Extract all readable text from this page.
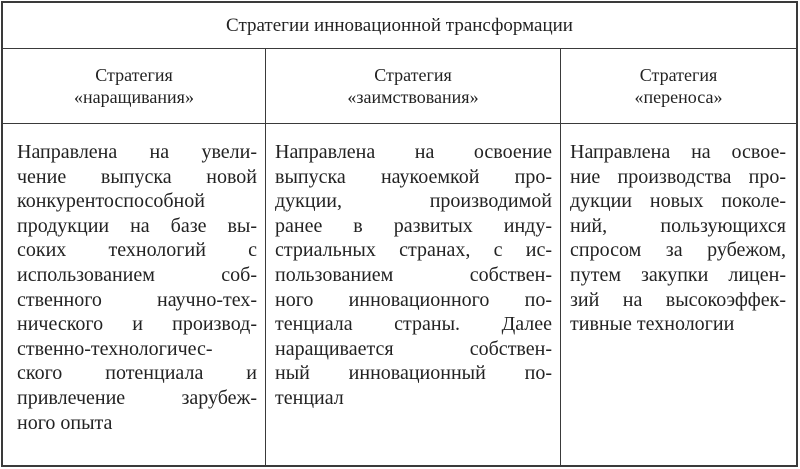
Стратегии инновационной трансформации
Стратегия
«наращивания»
Стратегия
«заимствования»
Стратегия
«переноса»
Направлена на увели-
чение выпуска новой
конкурентоспособной
продукции на базе вы-
соких технологий с
использованием соб-
ственного научно-тех-
нического и производ-
ственно-технологичес-
ского потенциала и
привлечение зарубеж-
ного опыта
Направлена на освоение
выпуска наукоемкой про-
дукции, производимой
ранее в развитых инду-
стриальных странах, с ис-
пользованием собствен-
ного инновационного по-
тенциала страны. Далее
наращивается собствен-
ный инновационный по-
тенциал
Направлена на освое-
ние производства про-
дукции новых поколе-
ний, пользующихся
спросом за рубежом,
путем закупки лицен-
зий на высокоэффек-
тивные технологии
